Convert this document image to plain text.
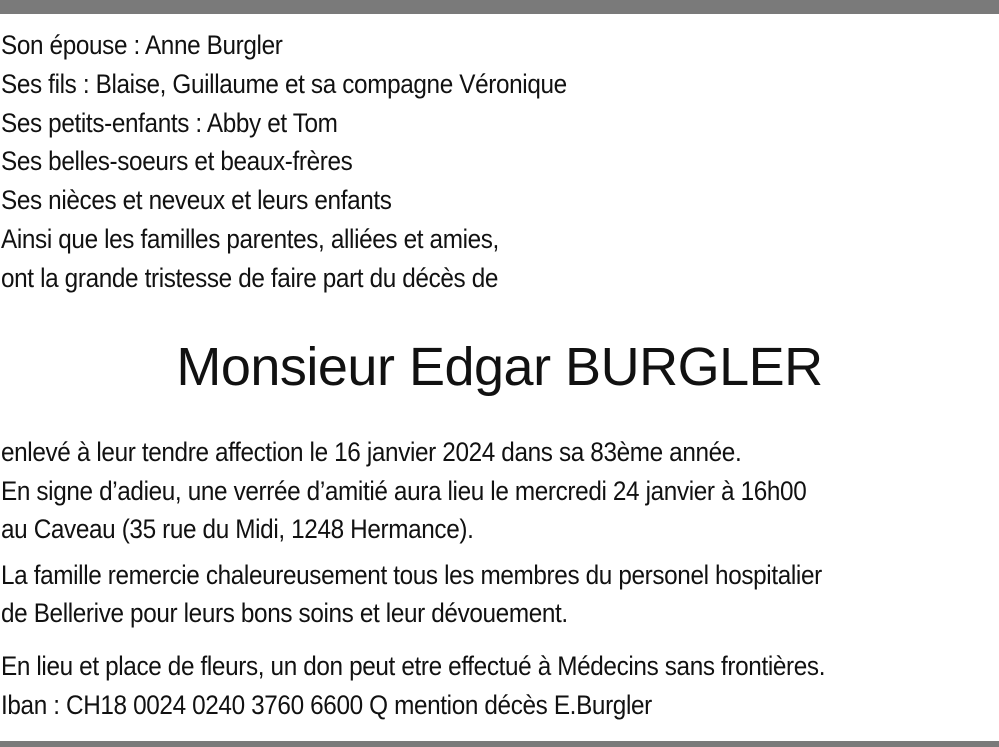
Son épouse : Anne Burgler

Ses fils : Blaise, Guillaume et sa compagne Véronique

Ses petits-enfants : Abby et Tom

Ses belles-soeurs et beaux-frères

Ses nièces et neveux et leurs enfants

Ainsi que les familles parentes, alliées et amies,

ont la grande tristesse de faire part du décès de

Monsieur Edgar BURGLER

enlevé à leur tendre affection le 16 janvier 2024 dans sa 83ème année.

En signe d’adieu, une verrée d’amitié aura lieu le mercredi 24 janvier à 16h00

au Caveau (35 rue du Midi, 1248 Hermance).

La famille remercie chaleureusement tous les membres du personel hospitalier

de Bellerive pour leurs bons soins et leur dévouement.

En lieu et place de fleurs, un don peut etre effectué à Médecins sans frontières.

Iban : CH18 0024 0240 3760 6600 Q mention décès E.Burgler
